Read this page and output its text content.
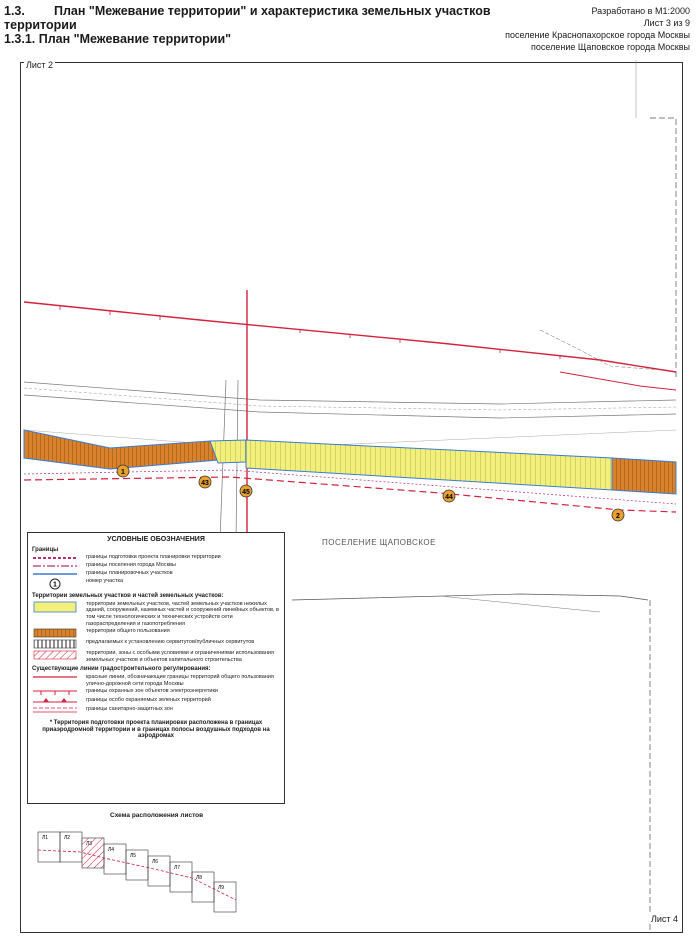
1.3.	План "Межевание территории" и характеристика земельных участков
территории
1.3.1. План "Межевание территории"
Разработано в М1:2000
Лист 3 из 9
поселение Краснопахорское города Москвы
поселение Щаповское города Москвы
1
43
45
44
2
Л1	Л2
Л3
Л4
Л5
Л6
Л7
Л8
Л9
Лист 2
Лист 4
ПОСЕЛЕНИЕ ЩАПОВСКОЕ
Схема расположения листов
УСЛОВНЫЕ ОБОЗНАЧЕНИЯ
Границы
границы подготовки проекта планировки территории
границы поселения города Москвы
границы планировочных участков
1
номер участка
Территории земельных участков и частей земельных участков:
территории земельных участков, частей земельных участков нежилых зданий, сооружений, наземных частей и сооружений линейных объектов, в том числе технологических и технических устройств сети газораспределения и газопотребления
территории общего пользования
предлагаемых к установлению сервитутов/публичных сервитутов
территории, зоны с особыми условиями и ограничениями использования земельных участков и объектов капитального строительства
Существующие линии градостроительного регулирования:
красные линии, обозначающие границы территорий общего пользования улично-дорожной сети города Москвы
границы охранных зон объектов электроэнергетики
границы особо охраняемых зеленых территорий
границы санитарно-защитных зон
* Территория подготовки проекта планировки расположена в границах приаэродромной территории и в границах полосы воздушных подходов на аэродромах
